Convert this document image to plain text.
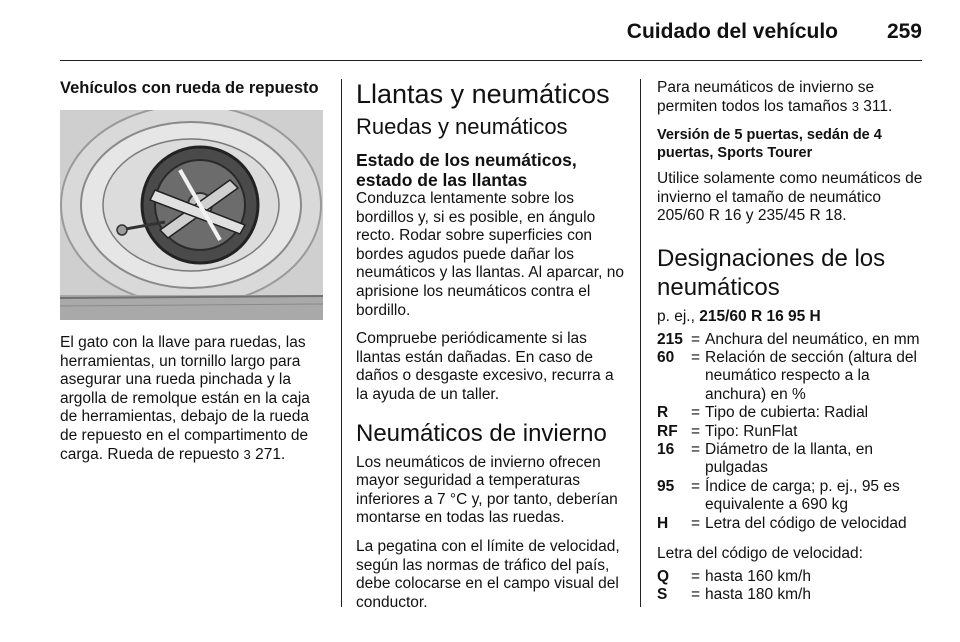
Cuidado del vehículo 259
Vehículos con rueda de repuesto

El gato con la llave para ruedas, las herramientas, un tornillo largo para asegurar una rueda pinchada y la argolla de remolque están en la caja de herramientas, debajo de la rueda de repuesto en el compartimento de carga. Rueda de repuesto 3 271.

Llantas y neumáticos
Ruedas y neumáticos
Estado de los neumáticos, estado de las llantas

Conduzca lentamente sobre los bordillos y, si es posible, en ángulo recto. Rodar sobre superficies con bordes agudos puede dañar los neumáticos y las llantas. Al aparcar, no aprisione los neumáticos contra el bordillo.

Compruebe periódicamente si las llantas están dañadas. En caso de daños o desgaste excesivo, recurra a la ayuda de un taller.

Neumáticos de invierno

Los neumáticos de invierno ofrecen mayor seguridad a temperaturas inferiores a 7 °C y, por tanto, deberían montarse en todas las ruedas.

La pegatina con el límite de velocidad, según las normas de tráfico del país, debe colocarse en el campo visual del conductor.

Para neumáticos de invierno se permiten todos los tamaños 3 311.

Versión de 5 puertas, sedán de 4 puertas, Sports Tourer

Utilice solamente como neumáticos de invierno el tamaño de neumático 205/60 R 16 y 235/45 R 18.

Designaciones de los neumáticos

p. ej., 215/60 R 16 95 H

215 = Anchura del neumático, en mm
60	= Relación de sección (altura del neumático respecto a la anchura) en %
R	= Tipo de cubierta: Radial
RF = Tipo: RunFlat
16	= Diámetro de la llanta, en pulgadas
95	= Índice de carga; p. ej., 95 es equivalente a 690 kg
H	= Letra del código de velocidad

Letra del código de velocidad:

Q	= hasta 160 km/h
S	= hasta 180 km/h
